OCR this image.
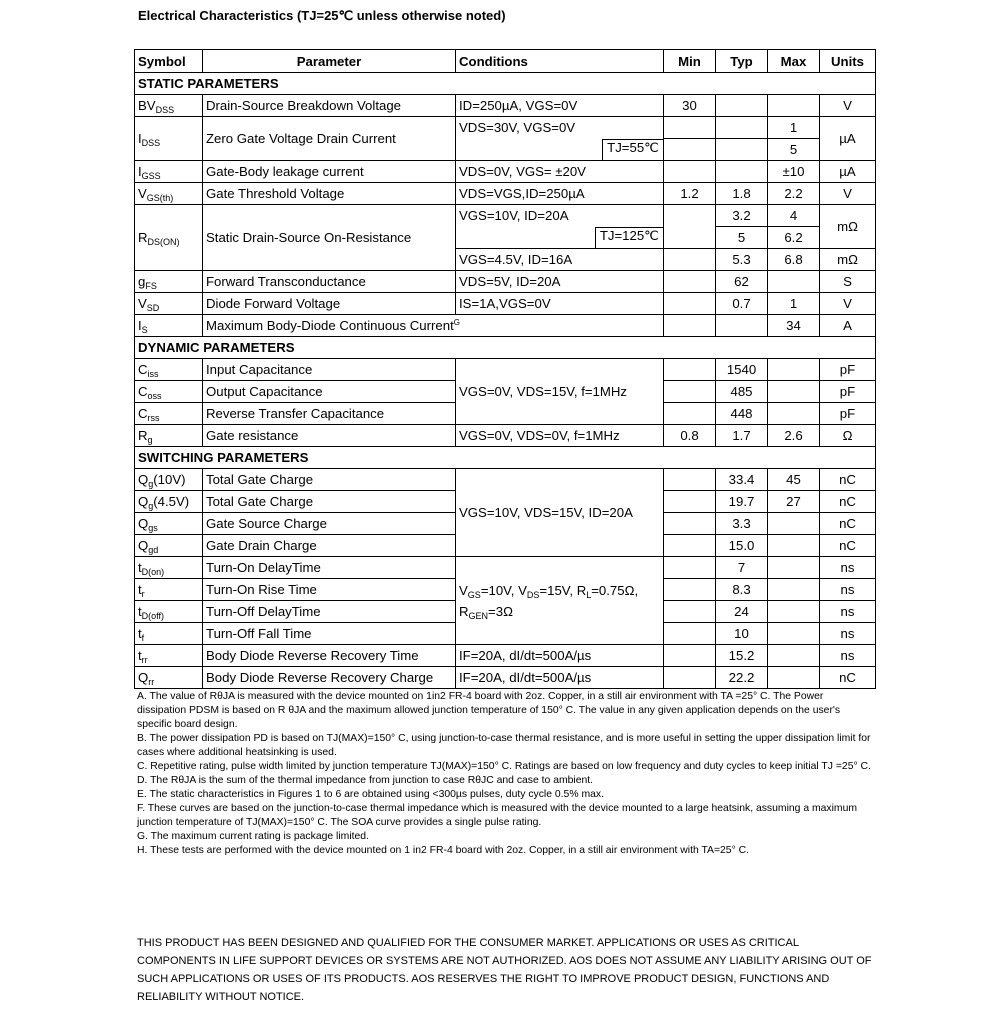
Electrical Characteristics (TJ=25℃ unless otherwise noted)
Symbol	Parameter	Conditions	Min	Typ	Max	Units
STATIC PARAMETERS						
$BV_{DSS}$	Drain-Source Breakdown Voltage	ID=250µA, VGS=0V	30			V
$I_{DSS}$	Zero Gate Voltage Drain Current	VDS=30V, VGS=0V			1	µA

		TJ=55℃			5	
$I_{GSS}$	Gate-Body leakage current	VDS=0V, VGS= ±20V			±10	µA
$V_{GS(th)}$	Gate Threshold Voltage	VDS=VGS,ID=250µA	1.2	1.8	2.2	V
$R_{DS(ON)}$	Static Drain-Source On-Resistance	VGS=10V, ID=20A		3.2	4	mΩ

		TJ=125℃		5	6.2	
		VGS=4.5V, ID=16A		5.3	6.8	mΩ
$g_{FS}$	Forward Transconductance	VDS=5V, ID=20A		62		S
$V_{SD}$	Diode Forward Voltage	IS=1A,VGS=0V		0.7	1	V
$I_S$	Maximum Body-Diode Continuous Current$^G$				34	A
DYNAMIC PARAMETERS						
$C_{iss}$	Input Capacitance	VGS=0V, VDS=15V, f=1MHz		1540		pF
$C_{oss}$	Output Capacitance			485		pF
$C_{rss}$	Reverse Transfer Capacitance			448		pF
$R_g$	Gate resistance	VGS=0V, VDS=0V, f=1MHz	0.8	1.7	2.6	Ω
SWITCHING PARAMETERS						
$Q_g(10V)$	Total Gate Charge	VGS=10V, VDS=15V, ID=20A		33.4	45	nC
$Q_g(4.5V)$	Total Gate Charge			19.7	27	nC
$Q_{gs}$	Gate Source Charge			3.3		nC
$Q_{gd}$	Gate Drain Charge			15.0		nC
$t_{D(on)}$	Turn-On DelayTime	$V_{GS}=10V$, $V_{DS}=15V$, $R_L=0.75\Omega$, $R_{GEN}=3\Omega$		7		ns
$t_r$	Turn-On Rise Time			8.3		ns
$t_{D(off)}$	Turn-Off DelayTime			24		ns
$t_f$	Turn-Off Fall Time			10		ns
$t_{rr}$	Body Diode Reverse Recovery Time	IF=20A, dI/dt=500A/µs		15.2		ns
$Q_{rr}$	Body Diode Reverse Recovery Charge	IF=20A, dI/dt=500A/µs		22.2		nC

A. The value of RθJA is measured with the device mounted on 1in2 FR-4 board with 2oz. Copper, in a still air environment with TA =25° C. The Power dissipation PDSM is based on R θJA and the maximum allowed junction temperature of 150° C. The value in any given application depends on the user's specific board design.

B. The power dissipation PD is based on TJ(MAX)=150° C, using junction-to-case thermal resistance, and is more useful in setting the upper dissipation limit for cases where additional heatsinking is used.

C. Repetitive rating, pulse width limited by junction temperature TJ(MAX)=150° C. Ratings are based on low frequency and duty cycles to keep initial TJ =25° C.

D. The RθJA is the sum of the thermal impedance from junction to case RθJC and case to ambient.

E. The static characteristics in Figures 1 to 6 are obtained using <300µs pulses, duty cycle 0.5% max.

F. These curves are based on the junction-to-case thermal impedance which is measured with the device mounted to a large heatsink, assuming a maximum junction temperature of TJ(MAX)=150° C. The SOA curve provides a single pulse rating.

G. The maximum current rating is package limited.

H. These tests are performed with the device mounted on 1 in2 FR-4 board with 2oz. Copper, in a still air environment with TA=25° C.

THIS PRODUCT HAS BEEN DESIGNED AND QUALIFIED FOR THE CONSUMER MARKET. APPLICATIONS OR USES AS CRITICAL COMPONENTS IN LIFE SUPPORT DEVICES OR SYSTEMS ARE NOT AUTHORIZED. AOS DOES NOT ASSUME ANY LIABILITY ARISING OUT OF SUCH APPLICATIONS OR USES OF ITS PRODUCTS. AOS RESERVES THE RIGHT TO IMPROVE PRODUCT DESIGN, FUNCTIONS AND RELIABILITY WITHOUT NOTICE.
